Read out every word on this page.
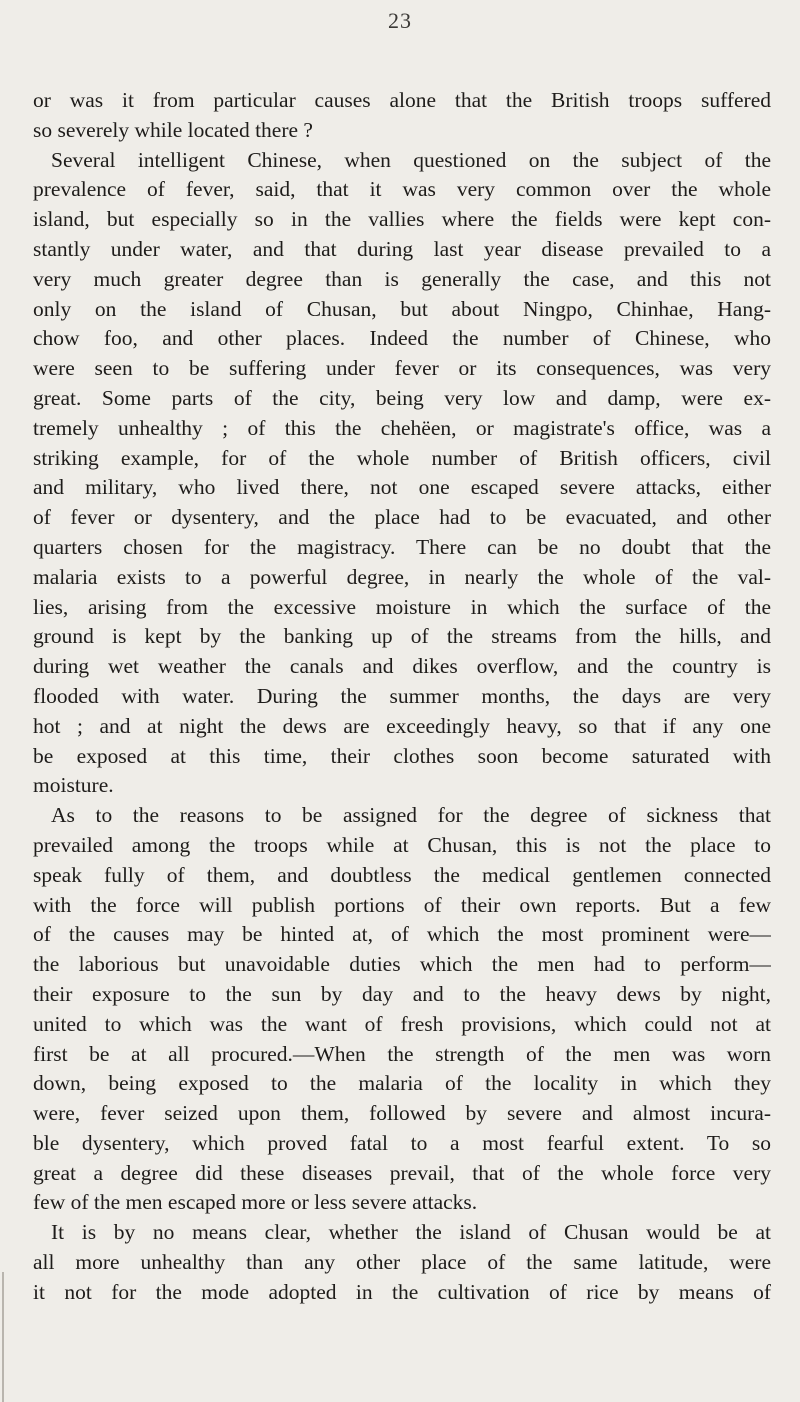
23
or was it from particular causes alone that the British troops suffered
so severely while located there ?
Several intelligent Chinese, when questioned on the subject of the
prevalence of fever, said, that it was very common over the whole
island, but especially so in the vallies where the fields were kept con-
stantly under water, and that during last year disease prevailed to a
very much greater degree than is generally the case, and this not
only on the island of Chusan, but about Ningpo, Chinhae, Hang-
chow foo, and other places. Indeed the number of Chinese, who
were seen to be suffering under fever or its consequences, was very
great. Some parts of the city, being very low and damp, were ex-
tremely unhealthy ; of this the chehëen, or magistrate's office, was a
striking example, for of the whole number of British officers, civil
and military, who lived there, not one escaped severe attacks, either
of fever or dysentery, and the place had to be evacuated, and other
quarters chosen for the magistracy. There can be no doubt that the
malaria exists to a powerful degree, in nearly the whole of the val-
lies, arising from the excessive moisture in which the surface of the
ground is kept by the banking up of the streams from the hills, and
during wet weather the canals and dikes overflow, and the country is
flooded with water. During the summer months, the days are very
hot ; and at night the dews are exceedingly heavy, so that if any one
be exposed at this time, their clothes soon become saturated with
moisture.
As to the reasons to be assigned for the degree of sickness that
prevailed among the troops while at Chusan, this is not the place to
speak fully of them, and doubtless the medical gentlemen connected
with the force will publish portions of their own reports. But a few
of the causes may be hinted at, of which the most prominent were—
the laborious but unavoidable duties which the men had to perform—
their exposure to the sun by day and to the heavy dews by night,
united to which was the want of fresh provisions, which could not at
first be at all procured.—When the strength of the men was worn
down, being exposed to the malaria of the locality in which they
were, fever seized upon them, followed by severe and almost incura-
ble dysentery, which proved fatal to a most fearful extent. To so
great a degree did these diseases prevail, that of the whole force very
few of the men escaped more or less severe attacks.
It is by no means clear, whether the island of Chusan would be at
all more unhealthy than any other place of the same latitude, were
it not for the mode adopted in the cultivation of rice by means of
